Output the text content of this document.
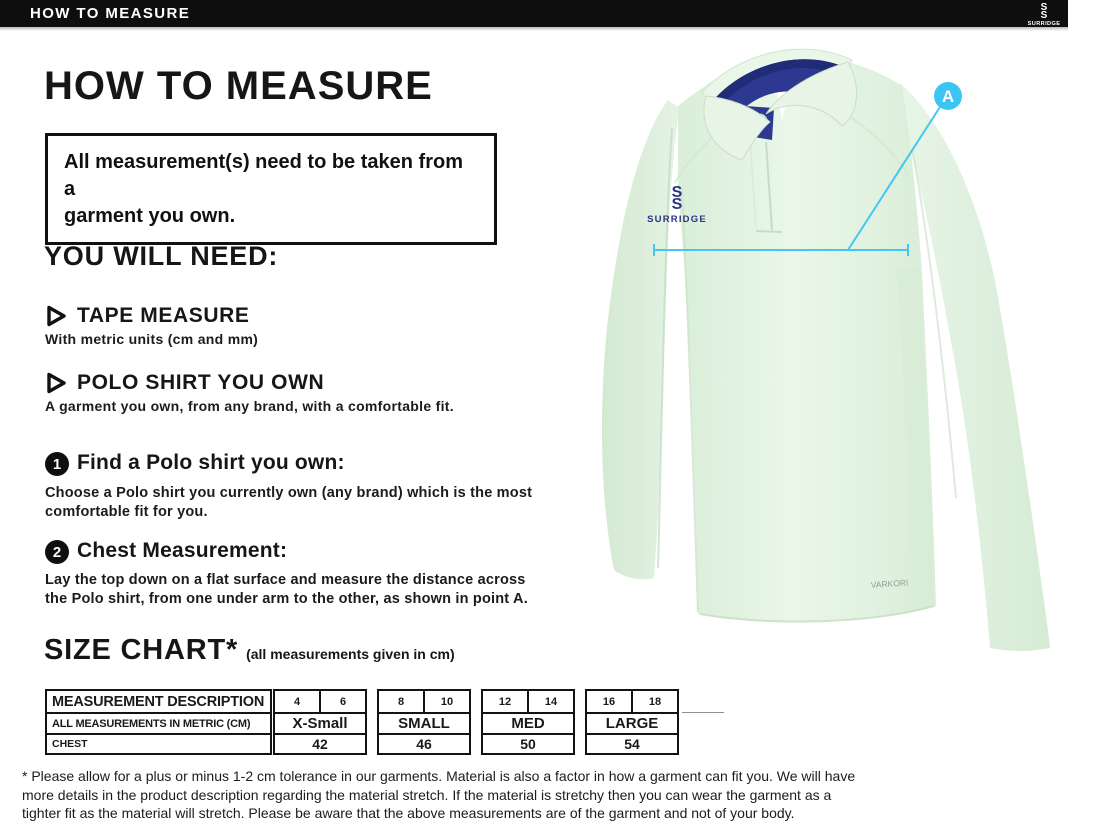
HOW TO MEASURE	S
S
SURRIDGE
HOW TO MEASURE
All measurement(s) need to be taken from a
garment you own.
YOU WILL NEED:
TAPE MEASURE
With metric units (cm and mm)
POLO SHIRT YOU OWN
A garment you own, from any brand, with a comfortable fit.
1 Find a Polo shirt you own:
Choose a Polo shirt you currently own (any brand) which is the most
comfortable fit for you.
2 Chest Measurement:
Lay the top down on a flat surface and measure the distance across
the Polo shirt, from one under arm to the other, as shown in point A.
SIZE CHART* (all measurements given in cm)
MEASUREMENT DESCRIPTION	4	6	8	10	12	14	16	18
ALL MEASUREMENTS IN METRIC (CM)	X-Small	SMALL	MED	LARGE
CHEST	42	46	50	54
* Please allow for a plus or minus 1-2 cm tolerance in our garments. Material is also a factor in how a garment can fit you. We will have
more details in the product description regarding the material stretch. If the material is stretchy then you can wear the garment as a
tighter fit as the material will stretch. Please be aware that the above measurements are of the garment and not of your body.
S
S
SURRIDGE
VARKORI
A
